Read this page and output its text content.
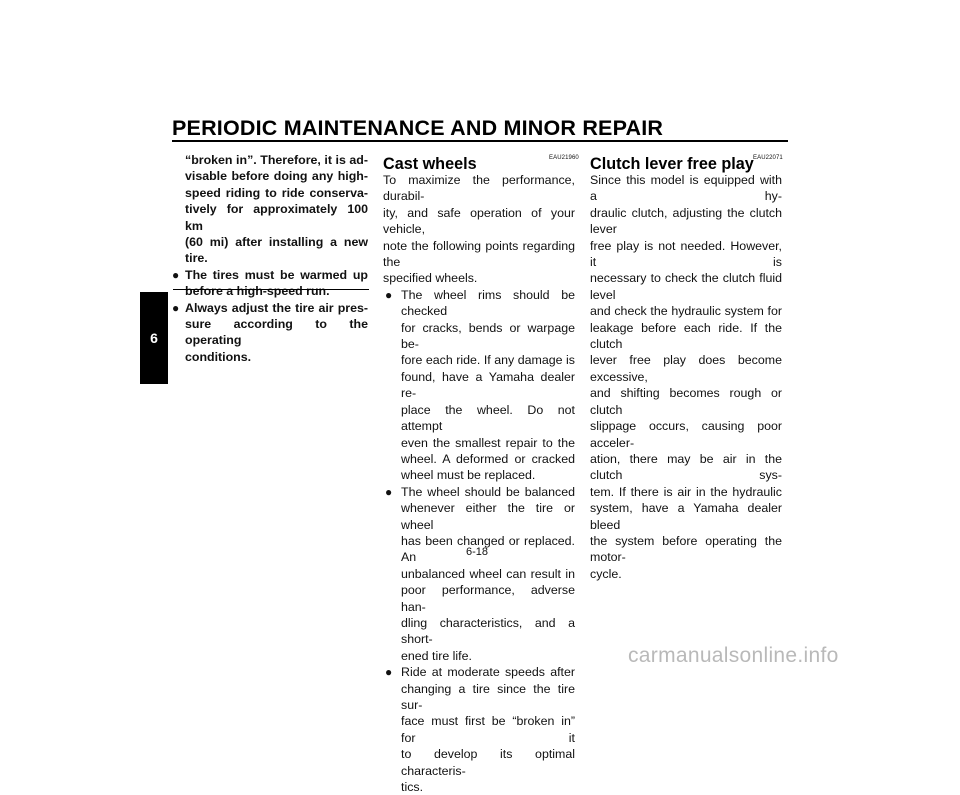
PERIODIC MAINTENANCE AND MINOR REPAIR
6

“broken in”. Therefore, it is ad-

visable before doing any high-

speed riding to ride conserva-

tively for approximately 100 km

(60 mi) after installing a new tire.

● The tires must be warmed up

before a high-speed run.

● Always adjust the tire air pres-

sure according to the operating

conditions.

EAU21960
Cast wheels

To maximize the performance, durabil-

ity, and safe operation of your vehicle,

note the following points regarding the

specified wheels.

● The wheel rims should be checked

for cracks, bends or warpage be-

fore each ride. If any damage is

found, have a Yamaha dealer re-

place the wheel. Do not attempt

even the smallest repair to the

wheel. A deformed or cracked

wheel must be replaced.

● The wheel should be balanced

whenever either the tire or wheel

has been changed or replaced. An

unbalanced wheel can result in

poor performance, adverse han-

dling characteristics, and a short-

ened tire life.

● Ride at moderate speeds after

changing a tire since the tire sur-

face must first be “broken in” for it

to develop its optimal characteris-

tics.

EAU22071
Clutch lever free play

Since this model is equipped with a hy-

draulic clutch, adjusting the clutch lever

free play is not needed. However, it is

necessary to check the clutch fluid level

and check the hydraulic system for

leakage before each ride. If the clutch

lever free play does become excessive,

and shifting becomes rough or clutch

slippage occurs, causing poor acceler-

ation, there may be air in the clutch sys-

tem. If there is air in the hydraulic

system, have a Yamaha dealer bleed

the system before operating the motor-

cycle.

6-18
carmanualsonline.info
